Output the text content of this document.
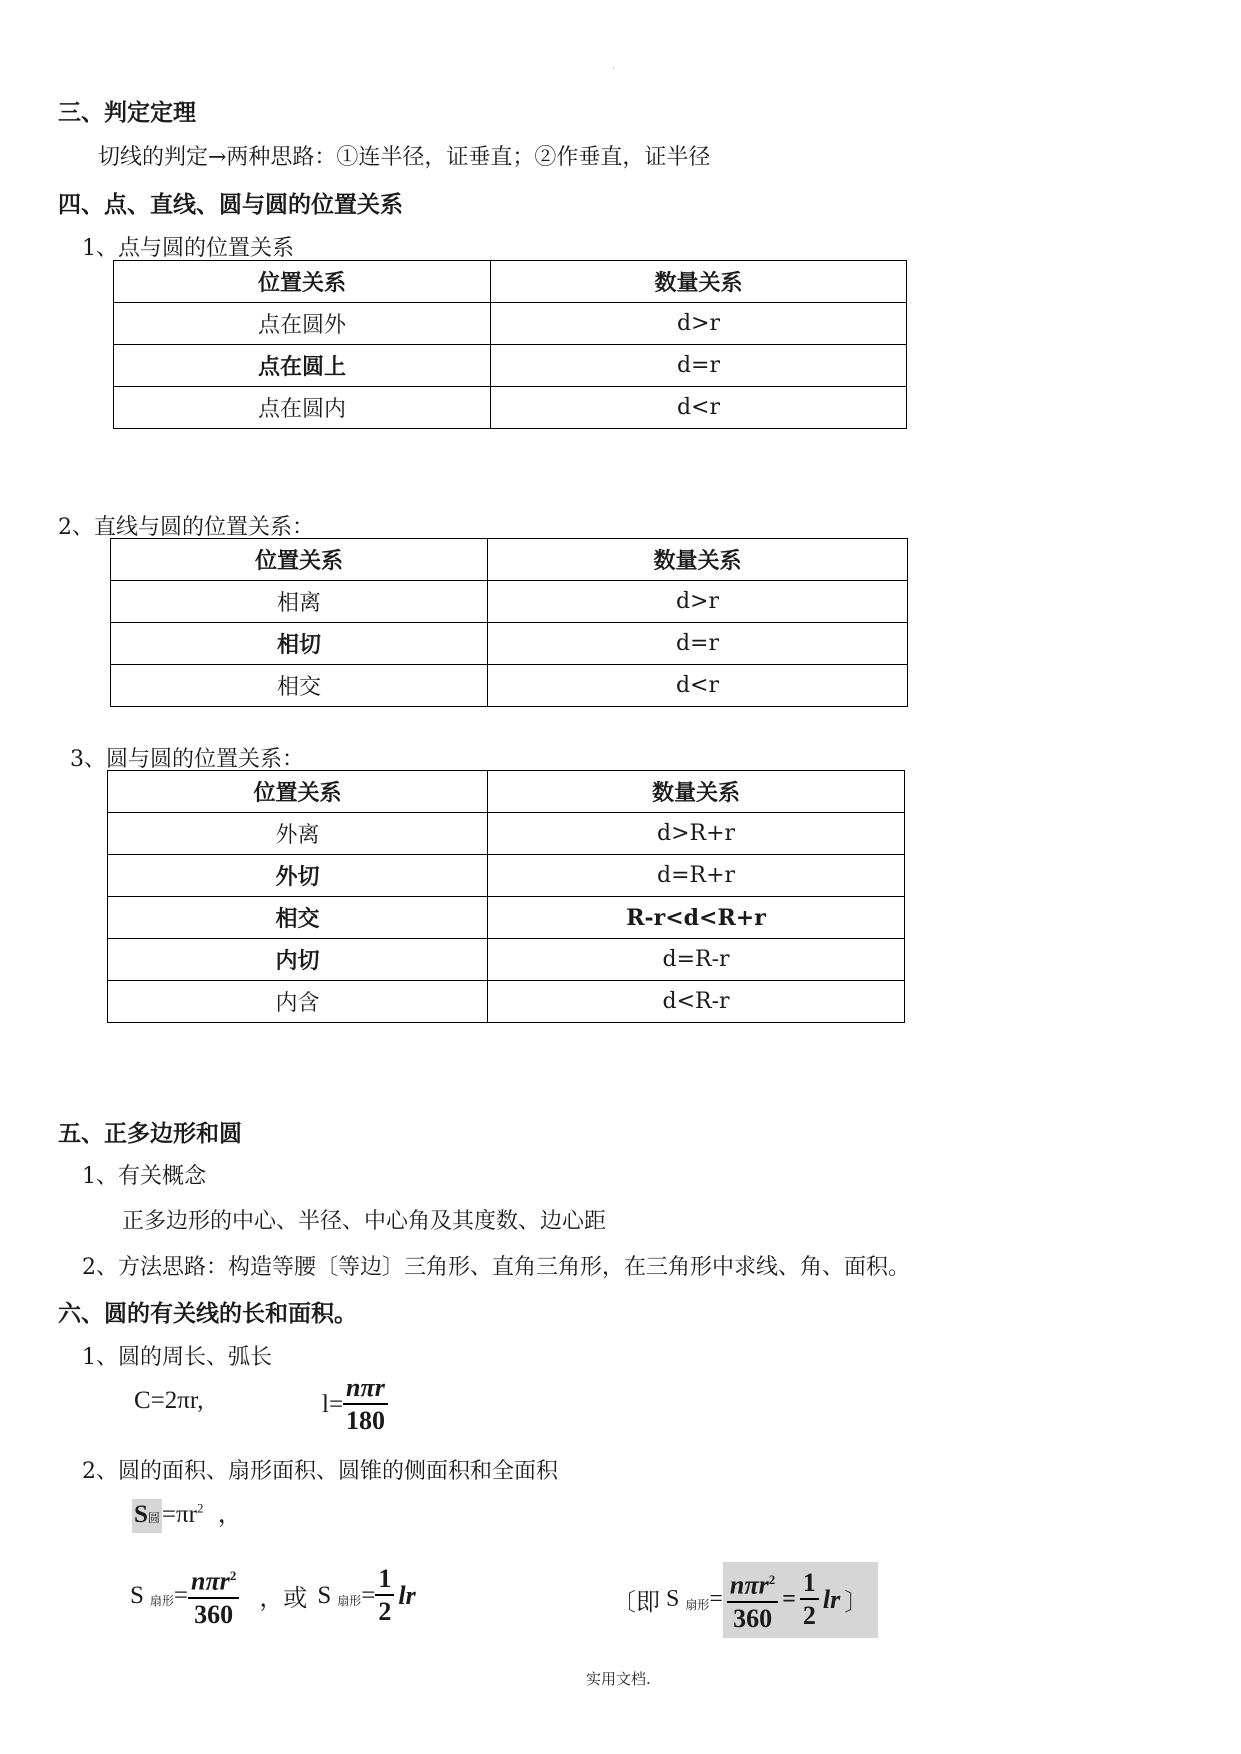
·
三、判定定理
切线的判定→两种思路：①连半径，证垂直；②作垂直，证半径
四、点、直线、圆与圆的位置关系
1、点与圆的位置关系
位置关系	数量关系
点在圆外	d>r
点在圆上	d=r
点在圆内	d<r
2、直线与圆的位置关系：
位置关系	数量关系
相离	d>r
相切	d=r
相交	d<r
3、圆与圆的位置关系：
位置关系	数量关系
外离	d>R+r
外切	d=R+r
相交	R-r<d<R+r
内切	d=R-r
内含	d<R-r
五、正多边形和圆
1、有关概念
正多边形的中心、半径、中心角及其度数、边心距
2、方法思路：构造等腰〔等边〕三角形、直角三角形，在三角形中求线、角、面积。
六、圆的有关线的长和面积。
1、圆的周长、弧长
C=2πr,	$l= \frac{\text{nπr}}{180}$
2、圆的面积、扇形面积、圆锥的侧面积和全面积
S圆$=\pi r^2$ ，
S 扇形 = $\frac{n\pi r^2}{360}$ ，或 S 扇形 = $\frac{1}{2}$ lr	〔即 S 扇形 = $\frac{n\pi r^2}{360} = \frac{1}{2}$ lr 〕
实用文档.
